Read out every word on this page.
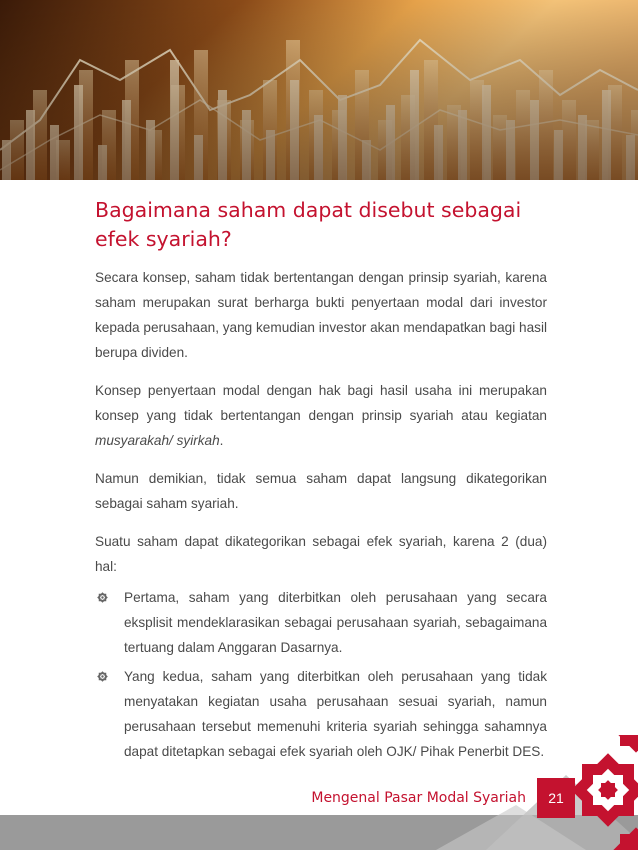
Bagaimana saham dapat disebut sebagai efek syariah?

Secara konsep, saham tidak bertentangan dengan prinsip syariah, karena saham merupakan surat berharga bukti penyertaan modal dari investor kepada perusahaan, yang kemudian investor akan mendapatkan bagi hasil berupa dividen.

Konsep penyertaan modal dengan hak bagi hasil usaha ini merupakan konsep yang tidak bertentangan dengan prinsip syariah atau kegiatan musyarakah/ syirkah.

Namun demikian, tidak semua saham dapat langsung dikategorikan sebagai saham syariah.

Suatu saham dapat dikategorikan sebagai efek syariah, karena 2 (dua) hal:

Pertama, saham yang diterbitkan oleh perusahaan yang secara eksplisit mendeklarasikan sebagai perusahaan syariah, sebagaimana tertuang dalam Anggaran Dasarnya.
Yang kedua, saham yang diterbitkan oleh perusahaan yang tidak menyatakan kegiatan usaha perusahaan sesuai syariah, namun perusahaan tersebut memenuhi kriteria syariah sehingga sahamnya dapat ditetapkan sebagai efek syariah oleh OJK/ Pihak Penerbit DES.
Mengenal Pasar Modal Syariah	21
